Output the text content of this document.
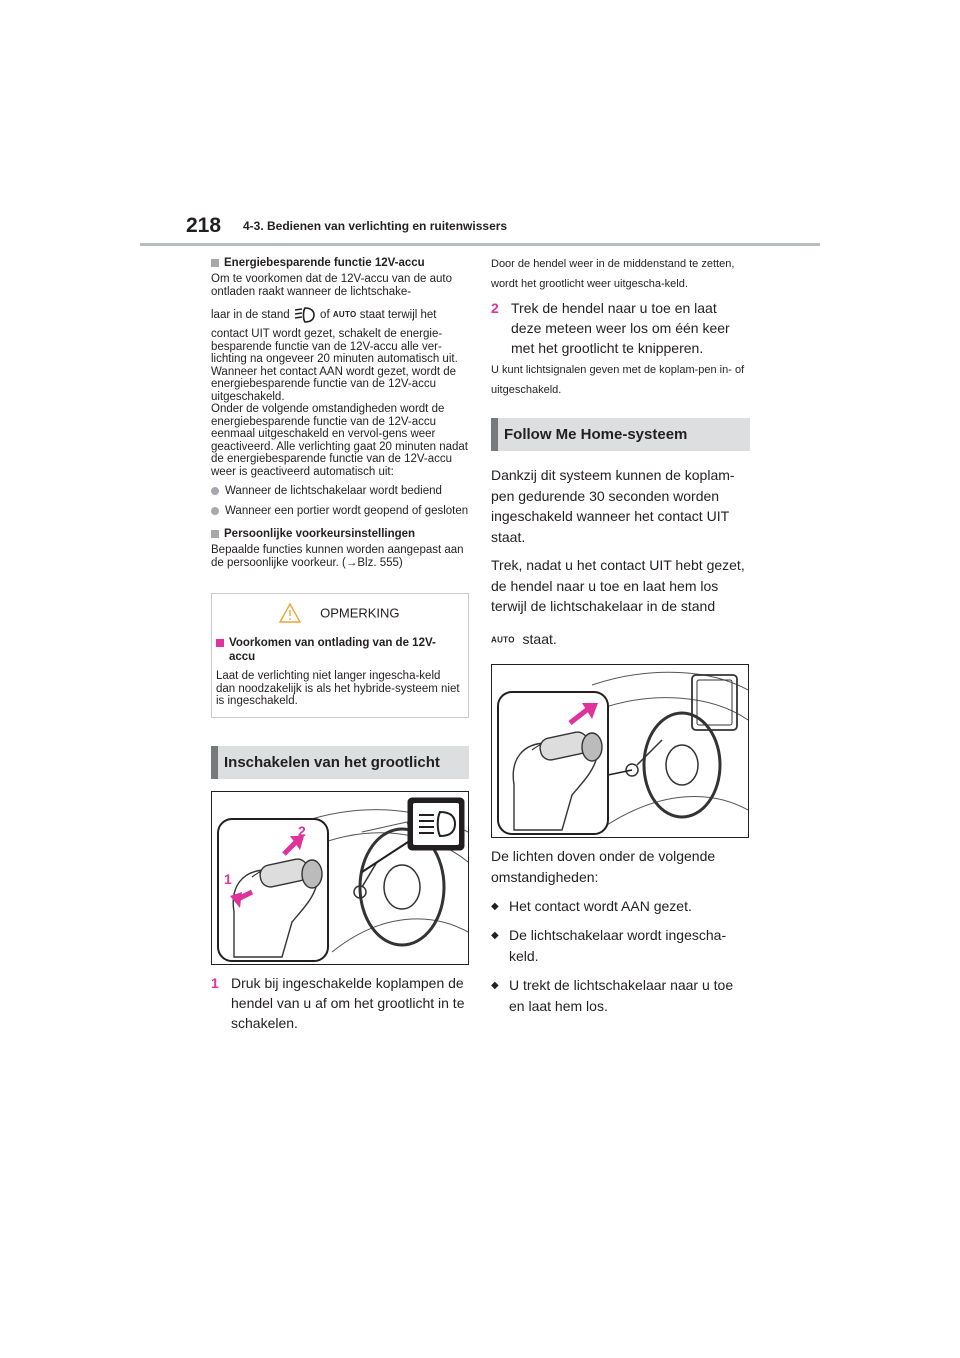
218 4-3. Bedienen van verlichting en ruitenwissers
Energiebesparende functie 12V-accu

Om te voorkomen dat de 12V-accu van de auto ontladen raakt wanneer de lichtschake-

laar in de stand	of AUTO staat terwijl het

contact UIT wordt gezet, schakelt de energie-besparende functie van de 12V-accu alle ver-lichting na ongeveer 20 minuten automatisch uit. Wanneer het contact AAN wordt gezet, wordt de energiebesparende functie van de 12V-accu uitgeschakeld.

Onder de volgende omstandigheden wordt de energiebesparende functie van de 12V-accu eenmaal uitgeschakeld en vervol-gens weer geactiveerd. Alle verlichting gaat 20 minuten nadat de energiebesparende functie van de 12V-accu weer is geactiveerd automatisch uit:

Wanneer de lichtschakelaar wordt bediend
Wanneer een portier wordt geopend of gesloten
Persoonlijke voorkeursinstellingen

Bepaalde functies kunnen worden aangepast aan de persoonlijke voorkeur. (→Blz. 555)

OPMERKING
Voorkomen van ontlading van de 12V-accu

Laat de verlichting niet langer ingescha-keld dan noodzakelijk is als het hybride-systeem niet is ingeschakeld.

Inschakelen van het grootlicht
1
2
1 Druk bij ingeschakelde koplampen de hendel van u af om het grootlicht in te schakelen.

Door de hendel weer in de middenstand te zetten, wordt het grootlicht weer uitgescha-keld.

2 Trek de hendel naar u toe en laat deze meteen weer los om één keer met het grootlicht te knipperen.

U kunt lichtsignalen geven met de koplam-pen in- of uitgeschakeld.

Follow Me Home-systeem

Dankzij dit systeem kunnen de koplam-pen gedurende 30 seconden worden ingeschakeld wanneer het contact UIT staat.

Trek, nadat u het contact UIT hebt gezet, de hendel naar u toe en laat hem los terwijl de lichtschakelaar in de stand

AUTO staat.

De lichten doven onder de volgende omstandigheden:

◆ Het contact wordt AAN gezet.
◆ De lichtschakelaar wordt ingescha-keld.
◆ U trekt de lichtschakelaar naar u toe en laat hem los.
